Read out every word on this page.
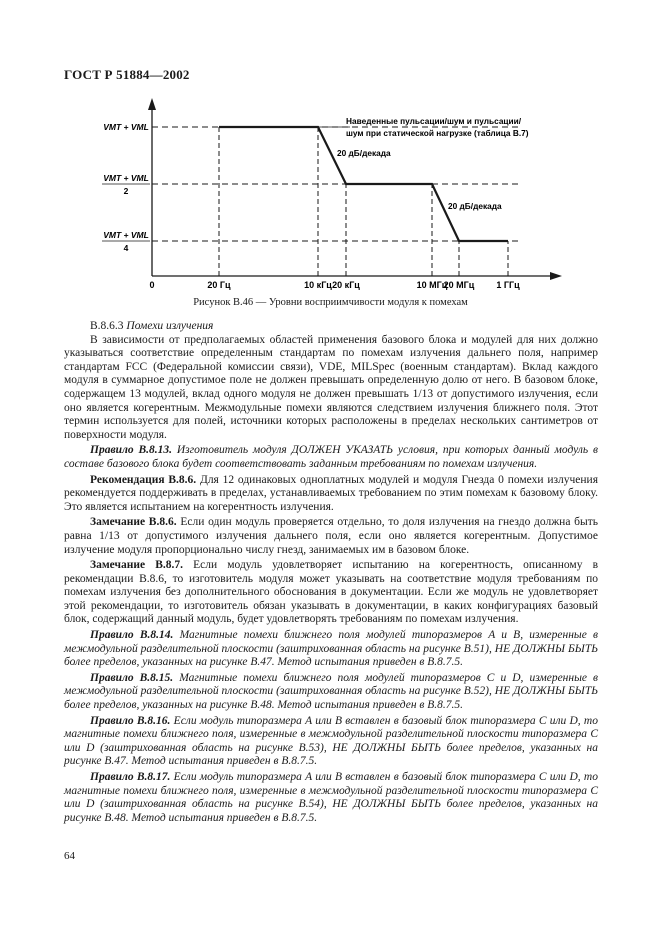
ГОСТ Р 51884—2002
20 Гц	10 кГц 20 кГц	10 МГц
20 МГц 1 ГГц
VMT + VML
VMT + VML
2
VMT + VML
4
0
Наведенные пульсации/шум и пульсации/
шум при статической нагрузке (таблица В.7)
20 дБ/декада
20 дБ/декада
Рисунок В.46 — Уровни восприимчивости модуля к помехам

В.8.6.3 Помехи излучения

В зависимости от предполагаемых областей применения базового блока и модулей для них должно указываться соответствие определенным стандартам по помехам излучения дальнего поля, например стандартам FCC (Федеральной комиссии связи), VDE, MILSpec (военным стандартам). Вклад каждого модуля в суммарное допустимое поле не должен превышать определенную долю от него. В базовом блоке, содержащем 13 модулей, вклад одного модуля не должен превышать 1/13 от допустимого излучения, если оно является когерентным. Межмодульные помехи являются следствием излучения ближнего поля. Этот термин используется для полей, источники которых расположены в пределах нескольких сантиметров от поверхности модуля.

Правило В.8.13. Изготовитель модуля ДОЛЖЕН УКАЗАТЬ условия, при которых данный модуль в составе базового блока будет соответствовать заданным требованиям по помехам излучения.

Рекомендация В.8.6. Для 12 одинаковых одноплатных модулей и модуля Гнезда 0 помехи излучения рекомендуется поддерживать в пределах, устанавливаемых требованием по этим помехам к базовому блоку. Это является испытанием на когерентность излучения.

Замечание В.8.6. Если один модуль проверяется отдельно, то доля излучения на гнездо должна быть равна 1/13 от допустимого излучения дальнего поля, если оно является когерентным. Допустимое излучение модуля пропорционально числу гнезд, занимаемых им в базовом блоке.

Замечание В.8.7. Если модуль удовлетворяет испытанию на когерентность, описанному в рекомендации В.8.6, то изготовитель модуля может указывать на соответствие модуля требованиям по помехам излучения без дополнительного обоснования в документации. Если же модуль не удовлетворяет этой рекомендации, то изготовитель обязан указывать в документации, в каких конфигурациях базовый блок, содержащий данный модуль, будет удовлетворять требованиям по помехам излучения.

Правило В.8.14. Магнитные помехи ближнего поля модулей типоразмеров A и B, измеренные в межмодульной разделительной плоскости (заштрихованная область на рисунке В.51), НЕ ДОЛЖНЫ БЫТЬ более пределов, указанных на рисунке В.47. Метод испытания приведен в В.8.7.5.

Правило В.8.15. Магнитные помехи ближнего поля модулей типоразмеров C и D, измеренные в межмодульной разделительной плоскости (заштрихованная область на рисунке В.52), НЕ ДОЛЖНЫ БЫТЬ более пределов, указанных на рисунке В.48. Метод испытания приведен в В.8.7.5.

Правило В.8.16. Если модуль типоразмера A или B вставлен в базовый блок типоразмера C или D, то магнитные помехи ближнего поля, измеренные в межмодульной разделительной плоскости типоразмера C или D (заштрихованная область на рисунке В.53), НЕ ДОЛЖНЫ БЫТЬ более пределов, указанных на рисунке В.47. Метод испытания приведен в В.8.7.5.

Правило В.8.17. Если модуль типоразмера A или B вставлен в базовый блок типоразмера C или D, то магнитные помехи ближнего поля, измеренные в межмодульной разделительной плоскости типоразмера C или D (заштрихованная область на рисунке В.54), НЕ ДОЛЖНЫ БЫТЬ более пределов, указанных на рисунке В.48. Метод испытания приведен в В.8.7.5.

64
